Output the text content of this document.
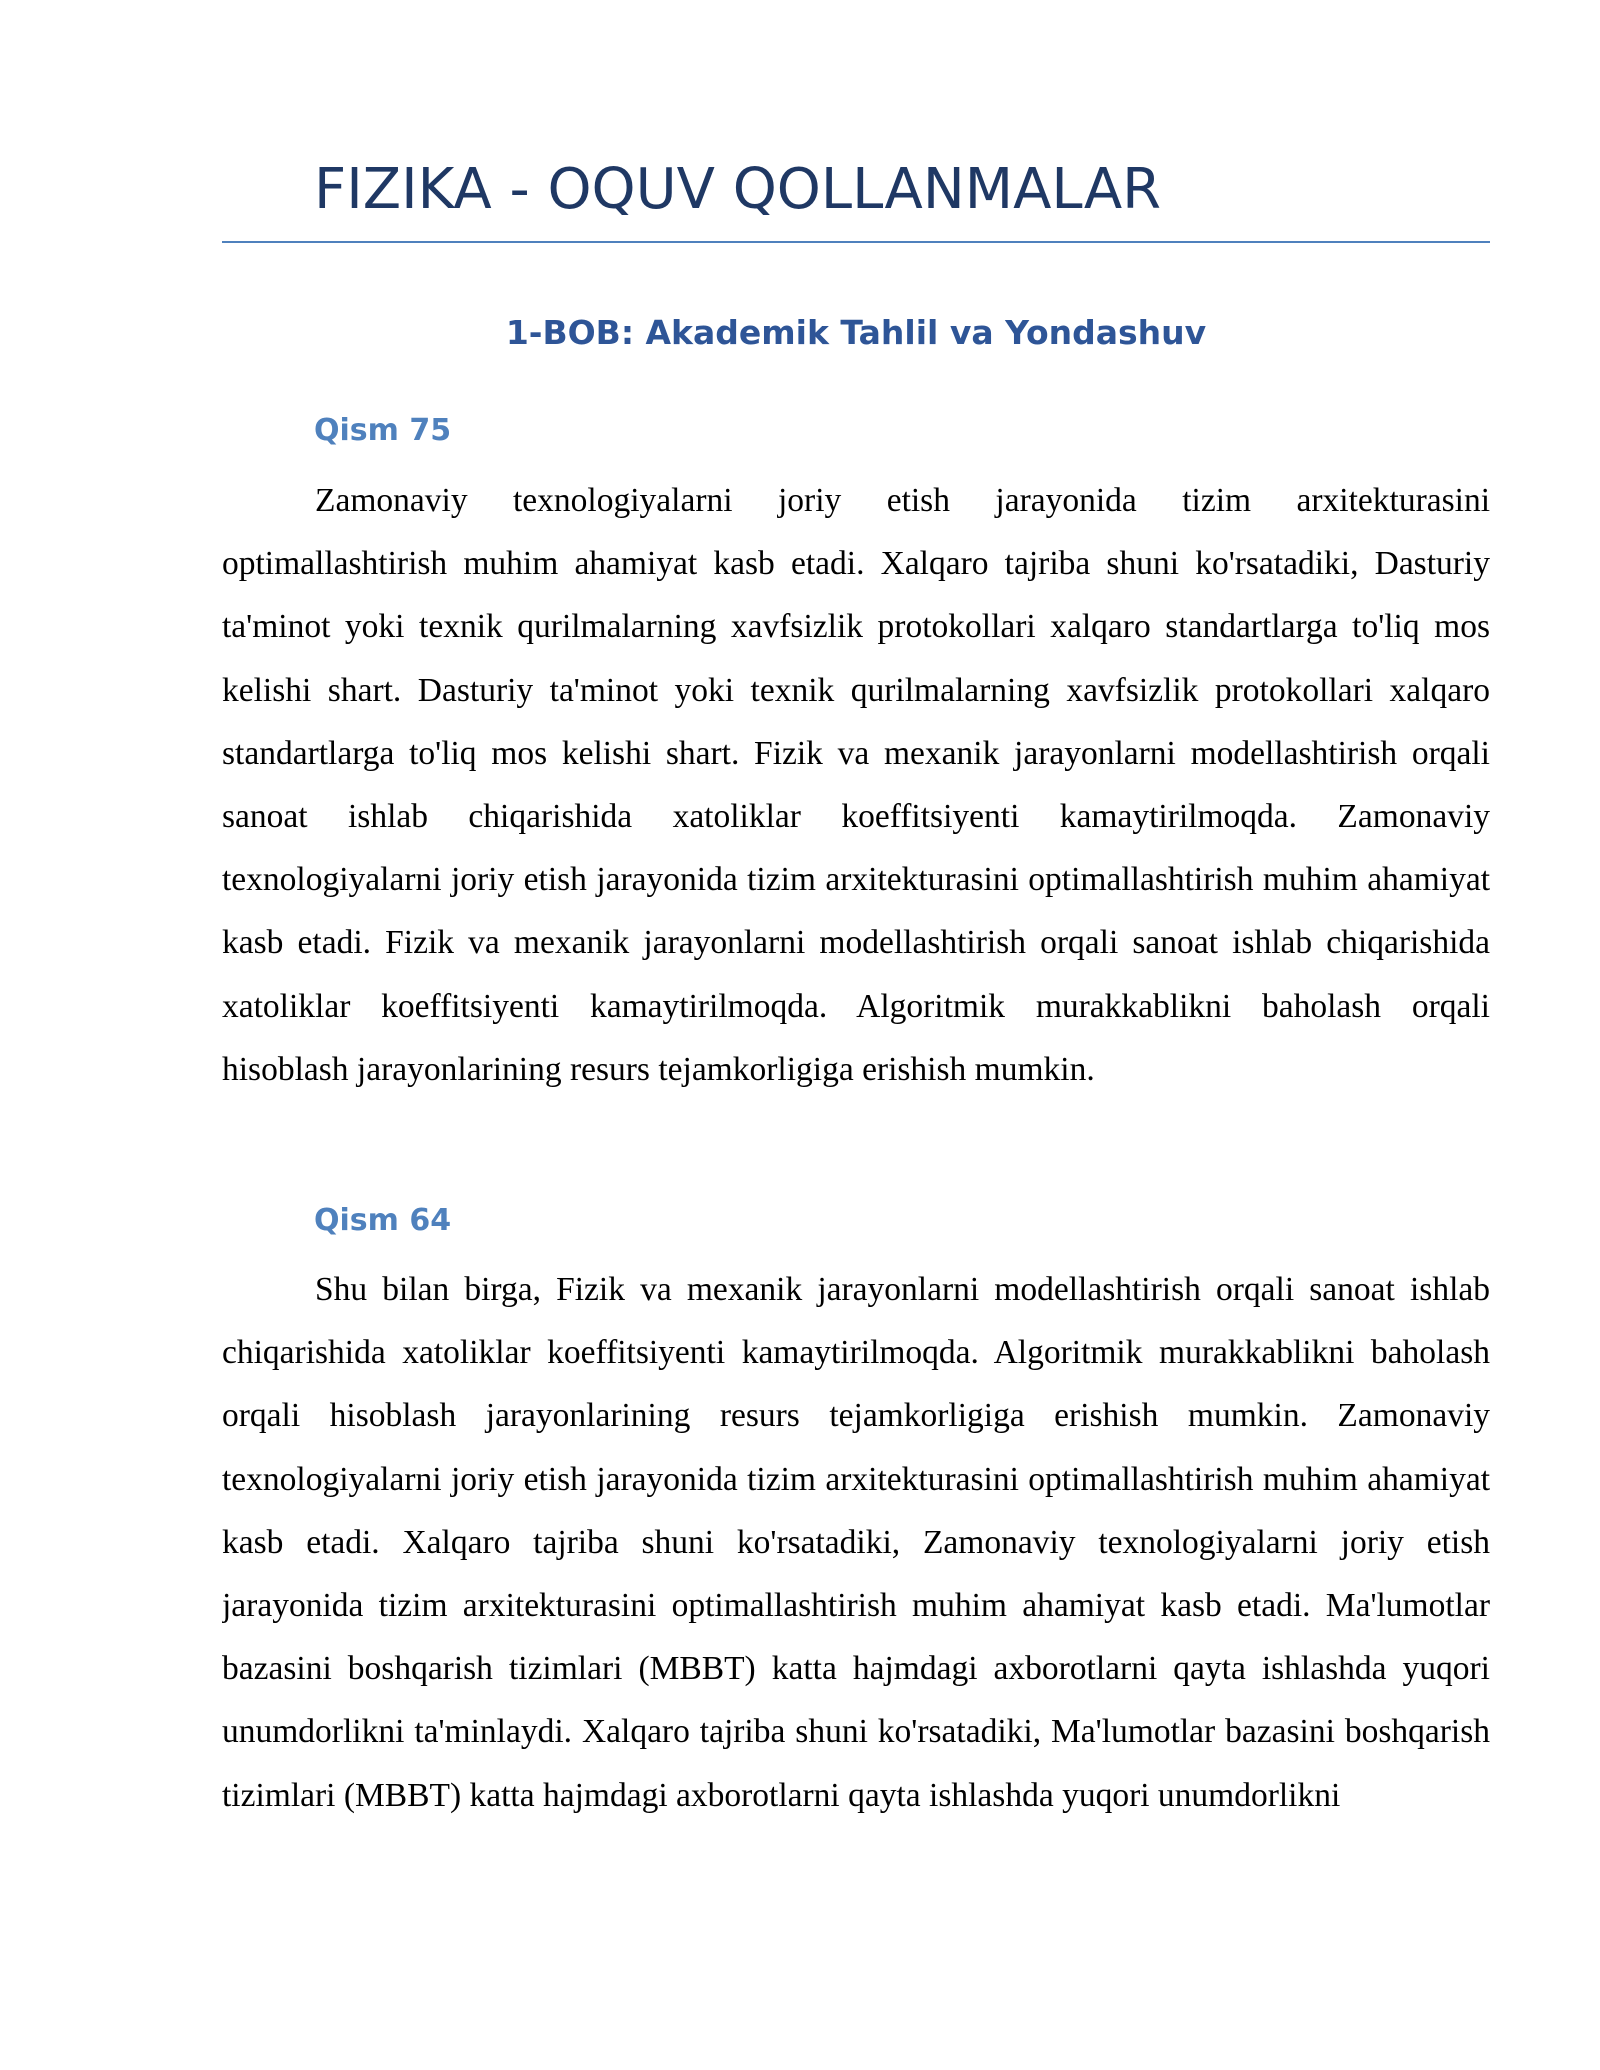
FIZIKA - OQUV QOLLANMALAR
1-BOB: Akademik Tahlil va Yondashuv
Qism 75

Zamonaviy texnologiyalarni joriy etish jarayonida tizim arxitekturasini optimallashtirish muhim ahamiyat kasb etadi. Xalqaro tajriba shuni ko'rsatadiki, Dasturiy ta'minot yoki texnik qurilmalarning xavfsizlik protokollari xalqaro standartlarga to'liq mos kelishi shart. Dasturiy ta'minot yoki texnik qurilmalarning xavfsizlik protokollari xalqaro standartlarga to'liq mos kelishi shart. Fizik va mexanik jarayonlarni modellashtirish orqali sanoat ishlab chiqarishida xatoliklar koeffitsiyenti kamaytirilmoqda. Zamonaviy texnologiyalarni joriy etish jarayonida tizim arxitekturasini optimallashtirish muhim ahamiyat kasb etadi. Fizik va mexanik jarayonlarni modellashtirish orqali sanoat ishlab chiqarishida xatoliklar koeffitsiyenti kamaytirilmoqda. Algoritmik murakkablikni baholash orqali hisoblash jarayonlarining resurs tejamkorligiga erishish mumkin.

Qism 64

Shu bilan birga, Fizik va mexanik jarayonlarni modellashtirish orqali sanoat ishlab chiqarishida xatoliklar koeffitsiyenti kamaytirilmoqda. Algoritmik murakkablikni baholash orqali hisoblash jarayonlarining resurs tejamkorligiga erishish mumkin. Zamonaviy texnologiyalarni joriy etish jarayonida tizim arxitekturasini optimallashtirish muhim ahamiyat kasb etadi. Xalqaro tajriba shuni ko'rsatadiki, Zamonaviy texnologiyalarni joriy etish jarayonida tizim arxitekturasini optimallashtirish muhim ahamiyat kasb etadi. Ma'lumotlar bazasini boshqarish tizimlari (MBBT) katta hajmdagi axborotlarni qayta ishlashda yuqori unumdorlikni ta'minlaydi. Xalqaro tajriba shuni ko'rsatadiki, Ma'lumotlar bazasini boshqarish tizimlari (MBBT) katta hajmdagi axborotlarni qayta ishlashda yuqori unumdorlikni
